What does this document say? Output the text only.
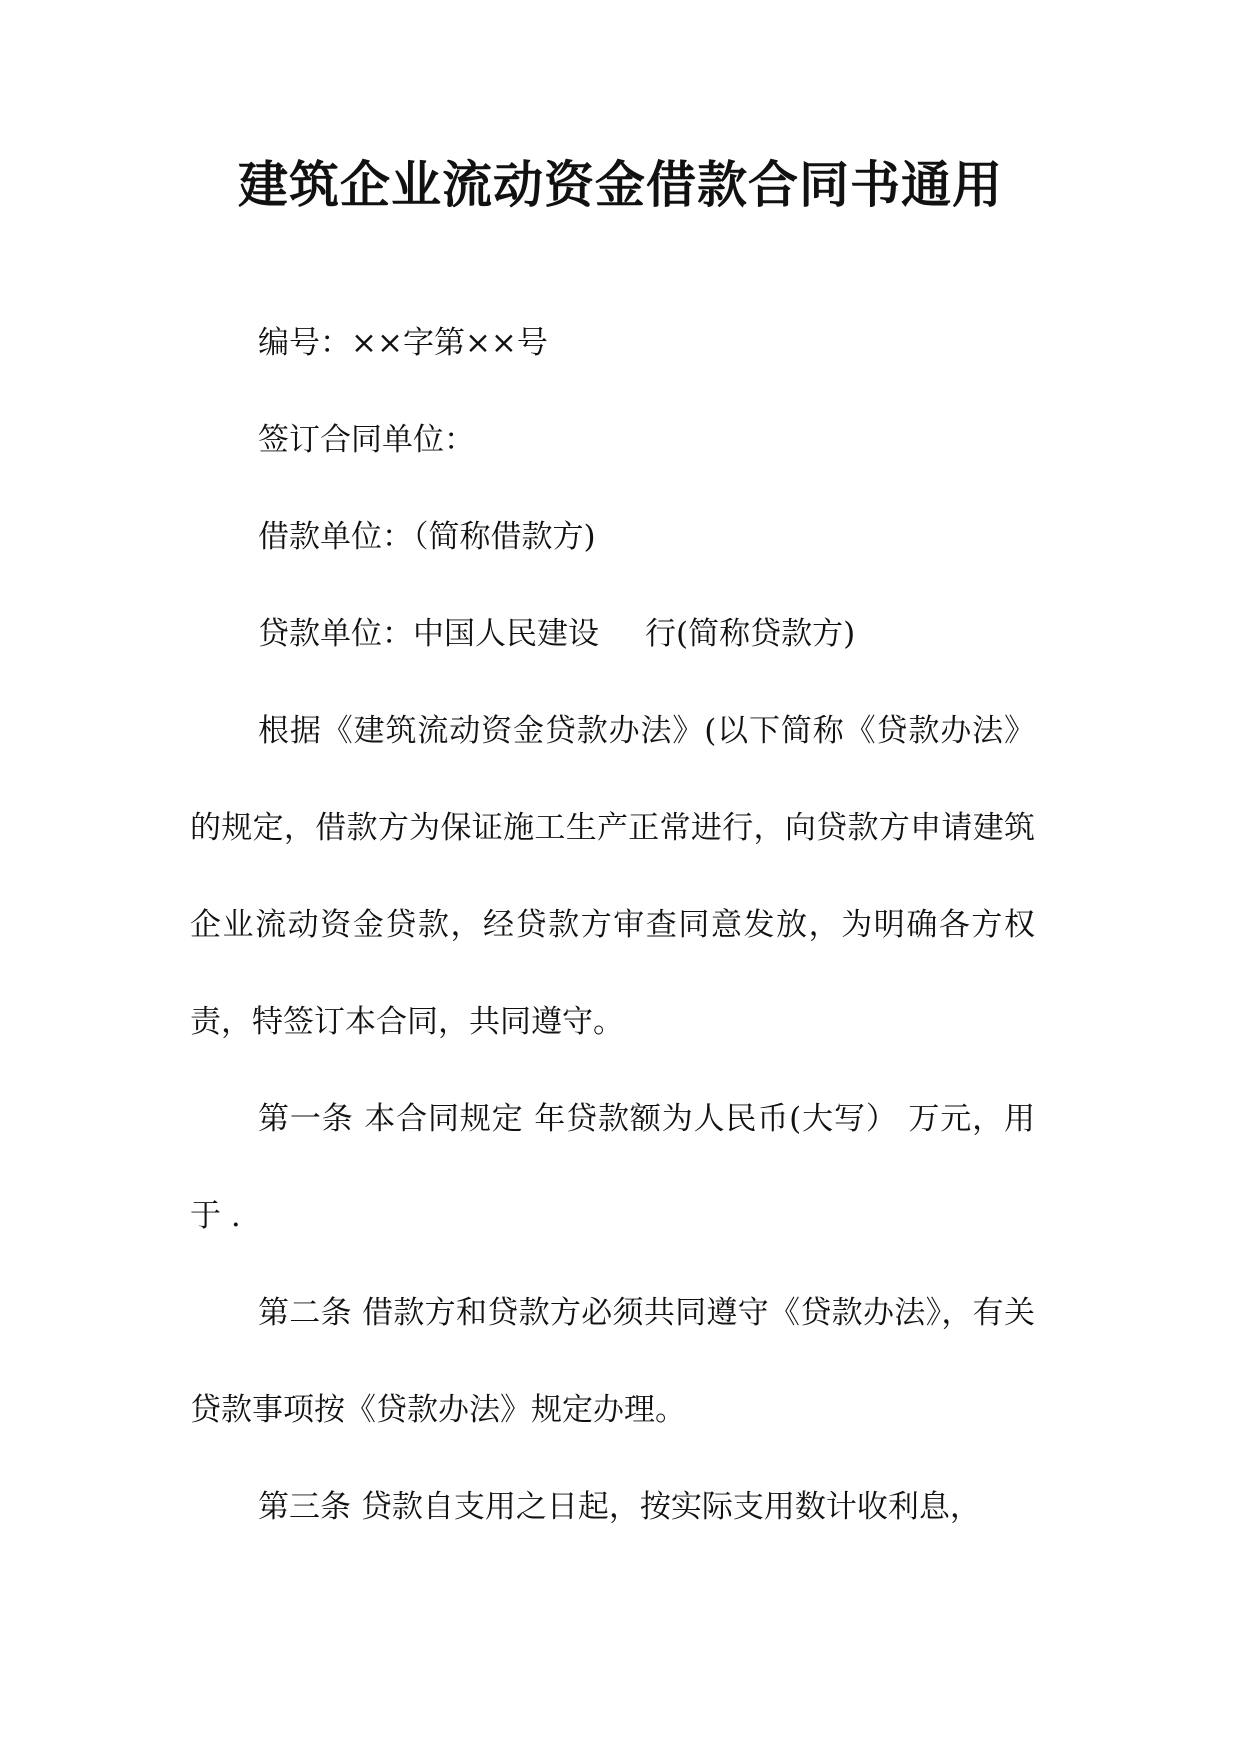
建筑企业流动资金借款合同书通用

编号：××字第××号

签订合同单位：

借款单位：（简称借款方)

贷款单位：中国人民建设 行(简称贷款方)

根据《建筑流动资金贷款办法》(以下简称《贷款办法》的规定，借款方为保证施工生产正常进行，向贷款方申请建筑企业流动资金贷款，经贷款方审查同意发放，为明确各方权责，特签订本合同，共同遵守。

第一条 本合同规定 年贷款额为人民币(大写） 万元，用于 .

第二条 借款方和贷款方必须共同遵守《贷款办法》，有关贷款事项按《贷款办法》规定办理。

第三条 贷款自支用之日起，按实际支用数计收利息，
